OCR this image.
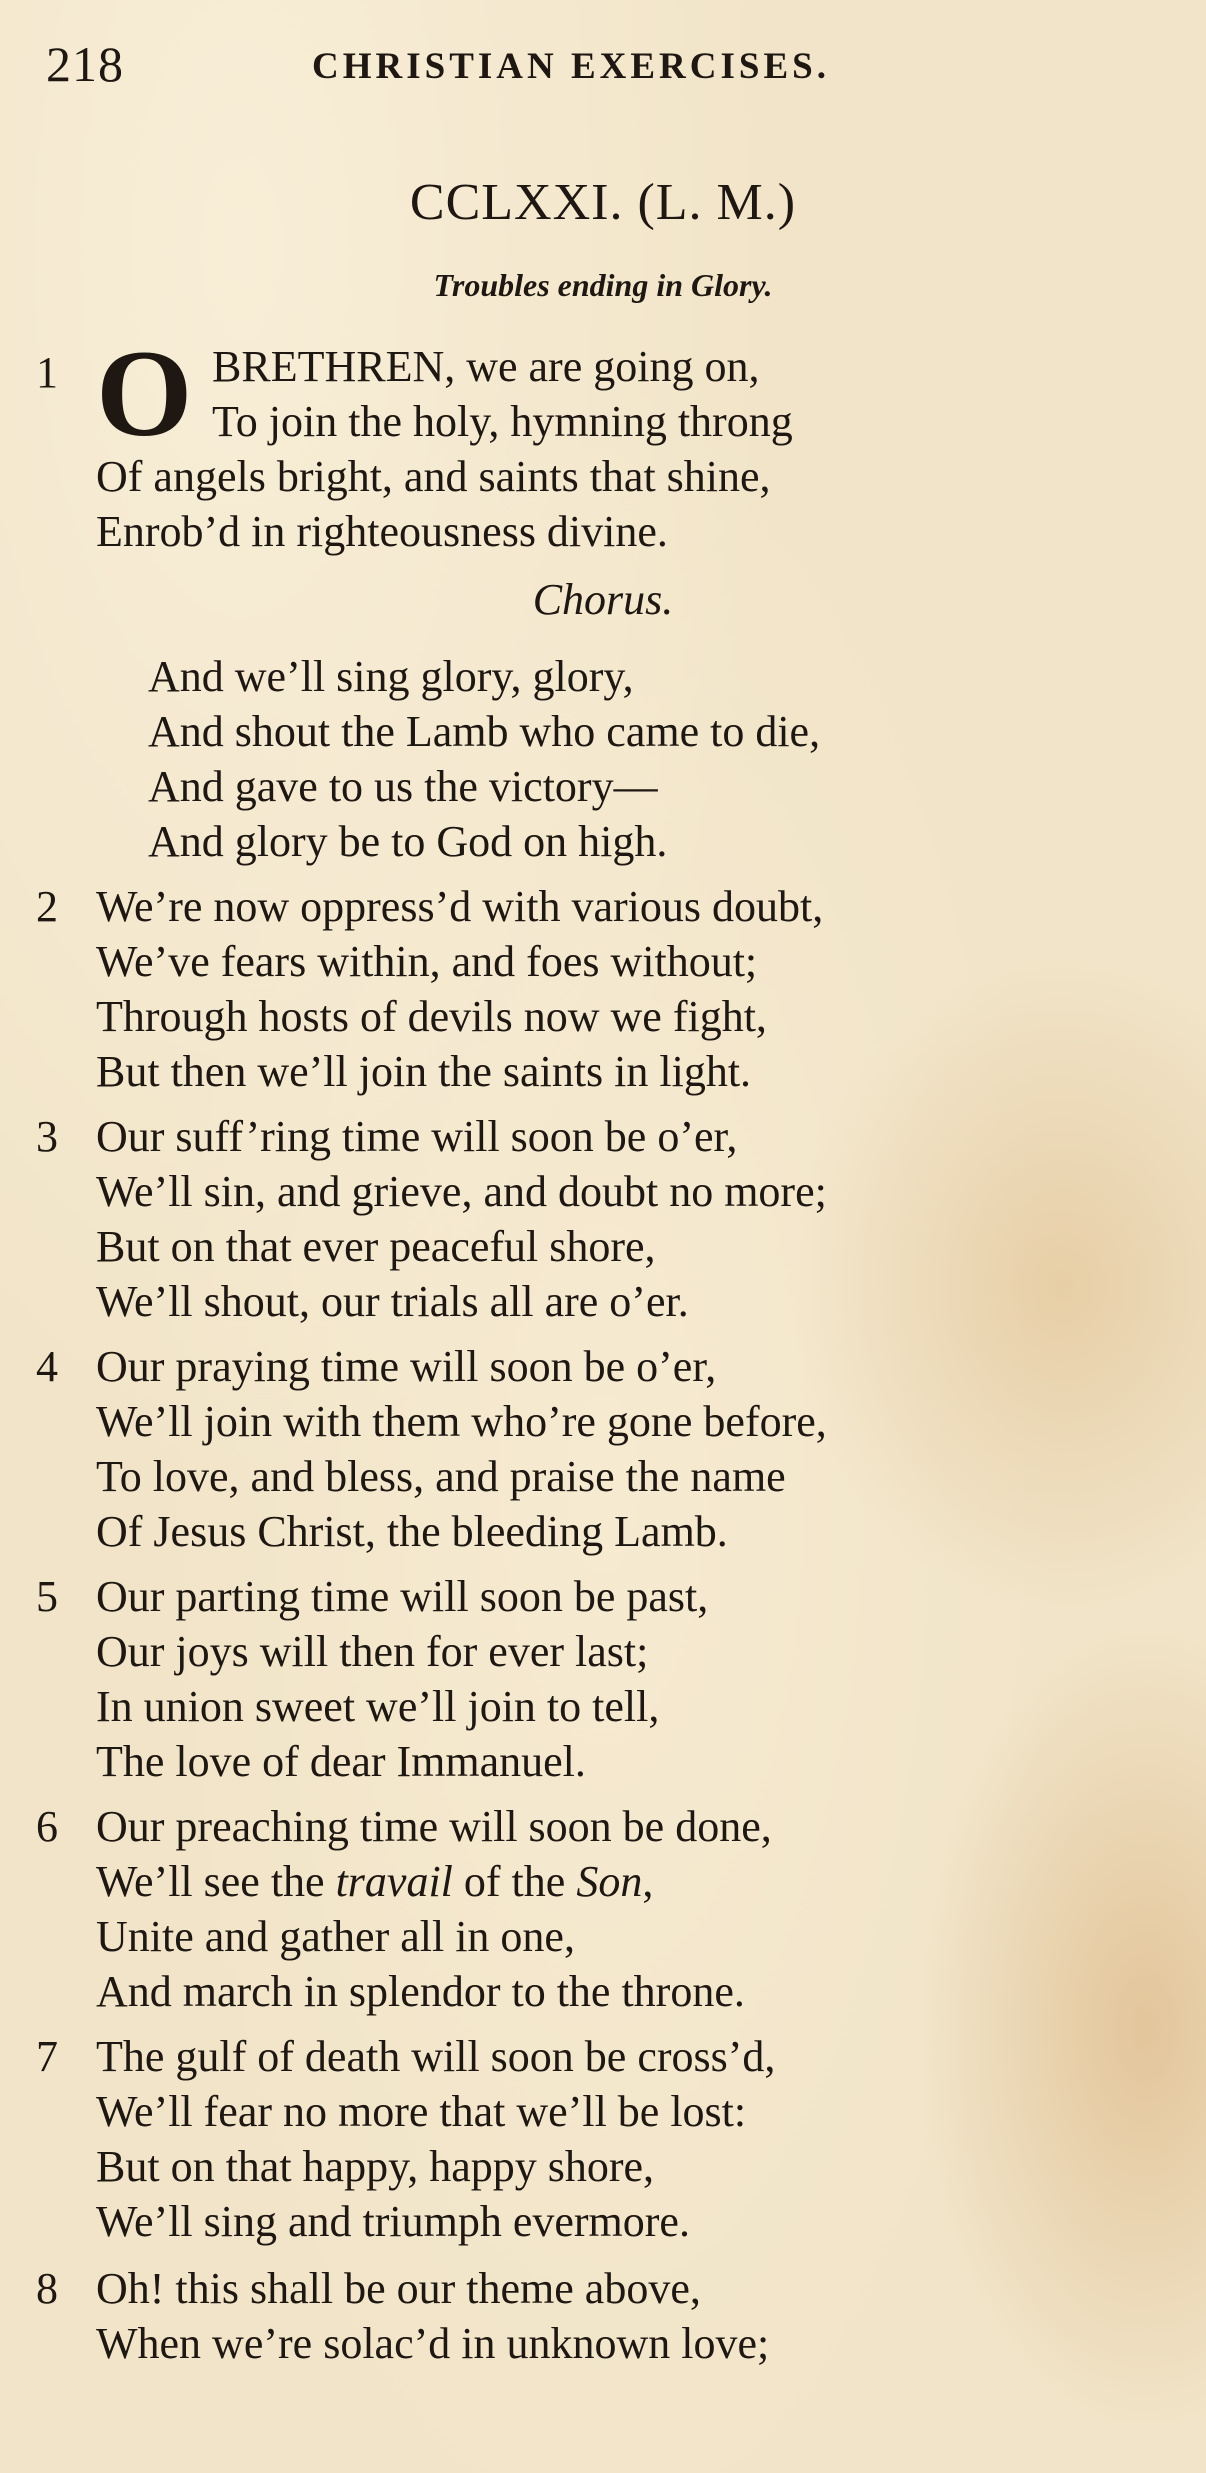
218	CHRISTIAN EXERCISES.
CCLXXI. (L. M.)
Troubles ending in Glory.
1 O BRETHREN, we are going on,
To join the holy, hymning throng
Of angels bright, and saints that shine,
Enrob’d in righteousness divine.
Chorus.
And we’ll sing glory, glory,
And shout the Lamb who came to die,
And gave to us the victory—
And glory be to God on high.
2 We’re now oppress’d with various doubt,
We’ve fears within, and foes without;
Through hosts of devils now we fight,
But then we’ll join the saints in light.
3 Our suff’ring time will soon be o’er,
We’ll sin, and grieve, and doubt no more;
But on that ever peaceful shore,
We’ll shout, our trials all are o’er.
4 Our praying time will soon be o’er,
We’ll join with them who’re gone before,
To love, and bless, and praise the name
Of Jesus Christ, the bleeding Lamb.
5 Our parting time will soon be past,
Our joys will then for ever last;
In union sweet we’ll join to tell,
The love of dear Immanuel.
6 Our preaching time will soon be done,
We’ll see the travail of the Son,
Unite and gather all in one,
And march in splendor to the throne.
7 The gulf of death will soon be cross’d,
We’ll fear no more that we’ll be lost:
But on that happy, happy shore,
We’ll sing and triumph evermore.
8 Oh! this shall be our theme above,
When we’re solac’d in unknown love;
